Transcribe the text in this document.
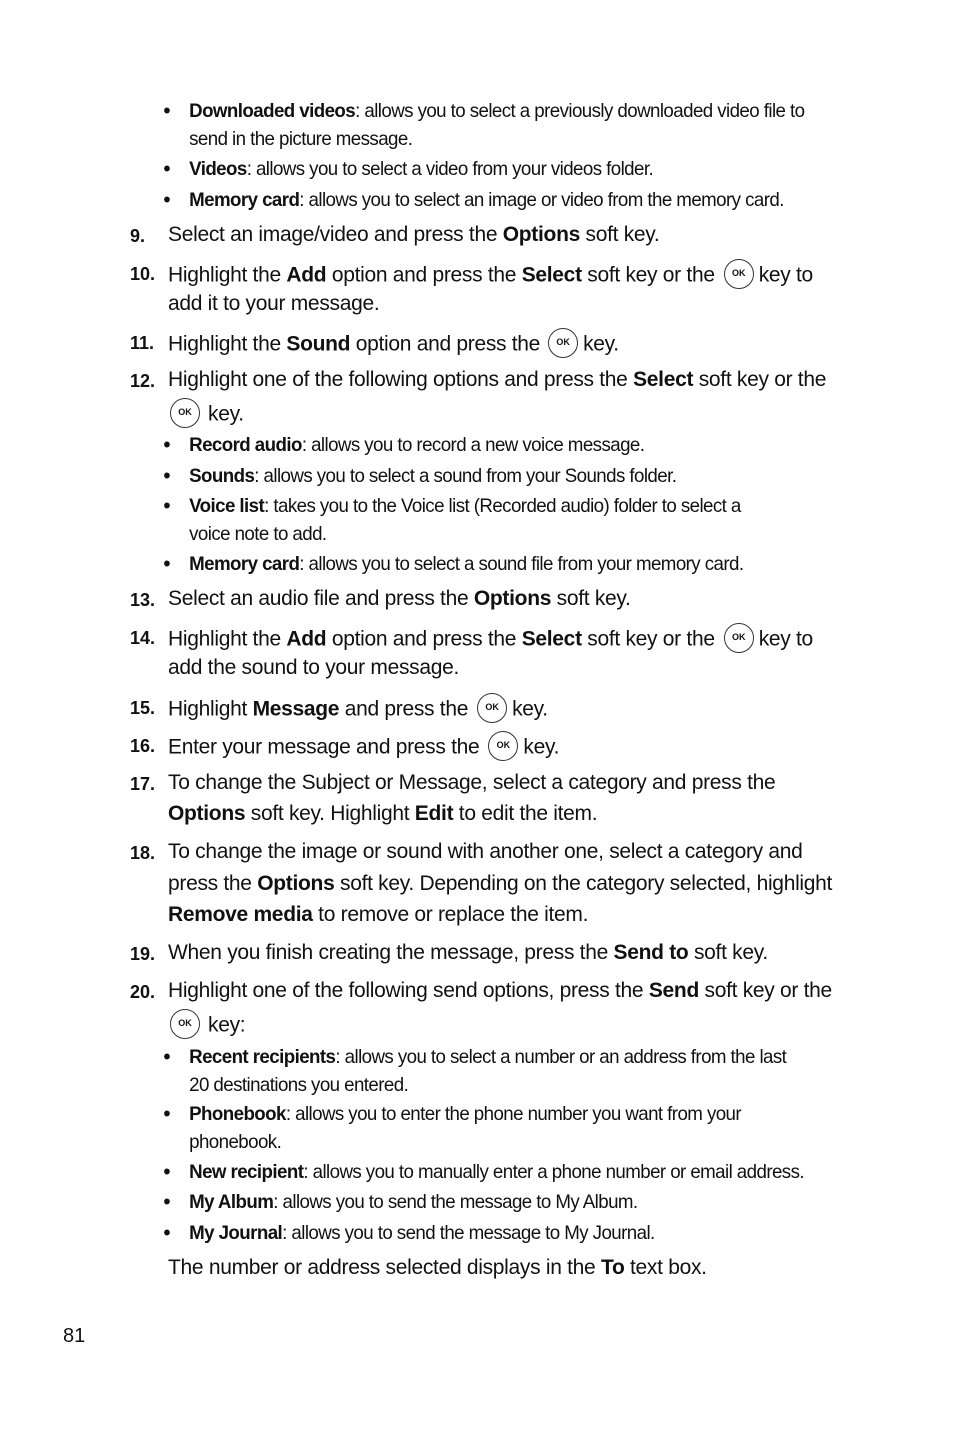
• Downloaded videos: allows you to select a previously downloaded video file to
send in the picture message.
• Videos: allows you to select a video from your videos folder.
• Memory card: allows you to select an image or video from the memory card.
9. Select an image/video and press the Options soft key.
10. Highlight the Add option and press the Select soft key or the OK key to
add it to your message.
11. Highlight the Sound option and press the OK key.
12. Highlight one of the following options and press the Select soft key or the
OKkey.
• Record audio: allows you to record a new voice message.
• Sounds: allows you to select a sound from your Sounds folder.
• Voice list: takes you to the Voice list (Recorded audio) folder to select a
voice note to add.
• Memory card: allows you to select a sound file from your memory card.
13. Select an audio file and press the Options soft key.
14. Highlight the Add option and press the Select soft key or the OK key to
add the sound to your message.
15. Highlight Message and press the OK key.
16. Enter your message and press the OK key.
17. To change the Subject or Message, select a category and press the
Options soft key. Highlight Edit to edit the item.
18. To change the image or sound with another one, select a category and
press the Options soft key. Depending on the category selected, highlight
Remove media to remove or replace the item.
19. When you finish creating the message, press the Send to soft key.
20. Highlight one of the following send options, press the Send soft key or the
OKkey:
• Recent recipients: allows you to select a number or an address from the last
20 destinations you entered.
• Phonebook: allows you to enter the phone number you want from your
phonebook.
• New recipient: allows you to manually enter a phone number or email address.
• My Album: allows you to send the message to My Album.
• My Journal: allows you to send the message to My Journal.
The number or address selected displays in the To text box.
81
